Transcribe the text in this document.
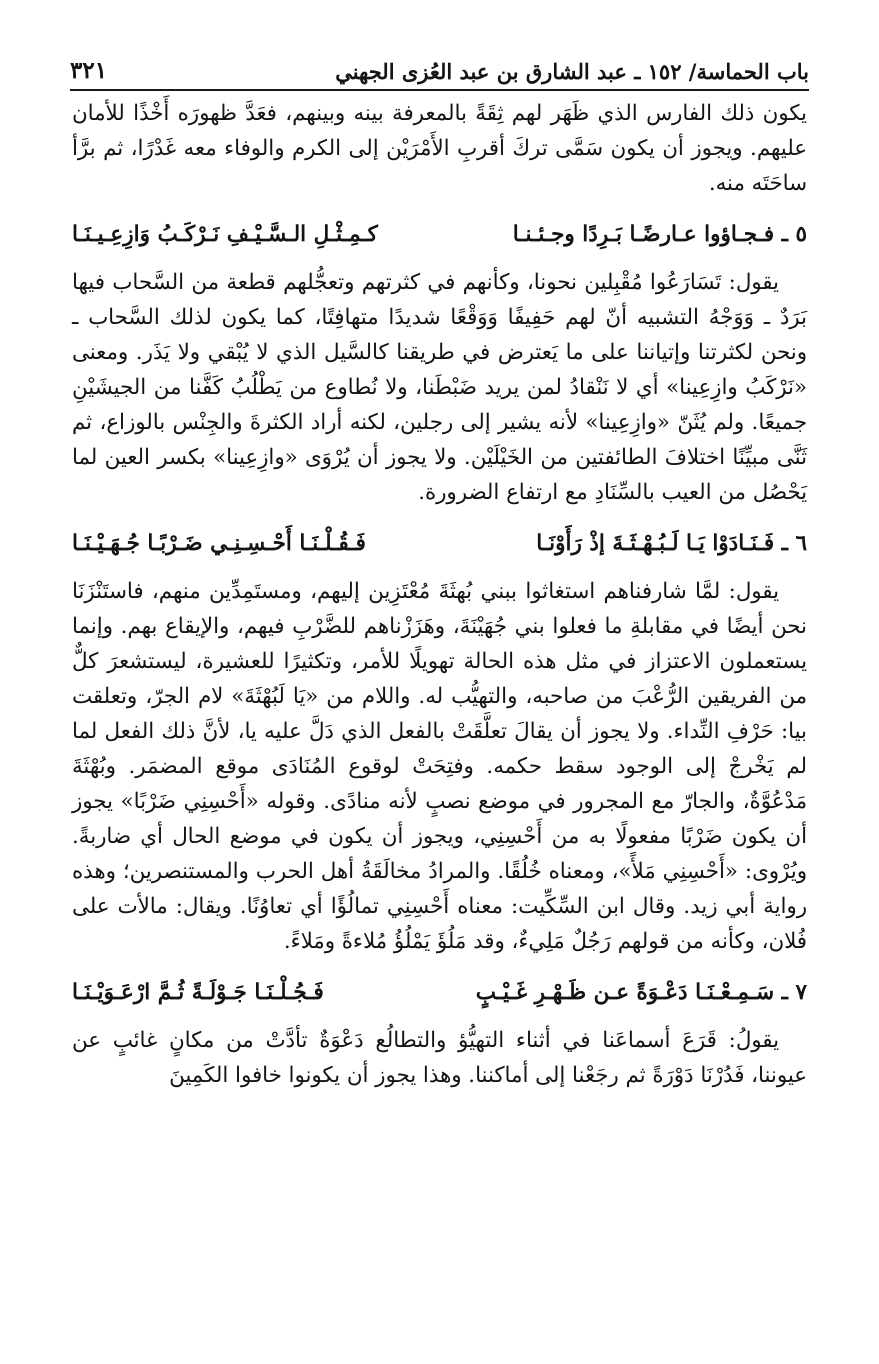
باب الحماسة/ ١٥٢ ـ عبد الشارق بن عبد العُزى الجهني
٣٢١

يكون ذلك الفارس الذي ظَهَر لهم ثِقَةً بالمعرفة بينه وبينهم، فعَدَّ ظهورَه أَخْذًا للأمان عليهم. ويجوز أن يكون سَمَّى تركَ أقربِ الأَمْرَيْن إلى الكرم والوفاء معه غَدْرًا، ثم برَّأ ساحَتَه منه.

٥ ـ فـجـاؤوا عـارضًـا بَـرِدًا وجـئـنـا
كـمِـثْـلِ الـسَّـيْـفِ نَـرْكَـبُ وَازِعِـيـنَـا

يقول: تَسَارَعُوا مُقْبِلين نحونا، وكأنهم في كثرتهم وتعجُّلهم قطعة من السَّحاب فيها بَرَدٌ ـ وَوَجْهُ التشبيه أنّ لهم حَفِيفًا وَوَقْعًا شديدًا متهافِتًا، كما يكون لذلك السَّحاب ـ ونحن لكثرتنا وإتياننا على ما يَعترض في طريقنا كالسَّيل الذي لا يُبْقي ولا يَذَر. ومعنى «نَرْكَبُ وازِعِينا» أي لا نَنْقادُ لمن يريد ضَبْطَنا، ولا نُطاوع من يَطْلُبُ كَفَّنا من الجيشَيْنِ جميعًا. ولم يُثَنّ «وازِعِينا» لأنه يشير إلى رجلين، لكنه أراد الكثرةَ والجِنْس بالوزاع، ثم ثَنَّى مبيِّنًا اختلافَ الطائفتين من الخَيْلَيْن. ولا يجوز أن يُرْوَى «وازِعِينا» بكسر العين لما يَحْصُل من العيب بالسِّنَادِ مع ارتفاع الضرورة.

٦ ـ فَـنَـادَوْا يَـا لَـبُـهْـثَـةَ إذْ رَأَوْنَـا
فَـقُـلْـنَـا أَحْـسِـنِـي ضَـرْبًـا جُـهَـيْـنَـا

يقول: لمَّا شارفناهم استغاثوا ببني بُهثَةَ مُعْتَزِين إليهم، ومستَمِدِّين منهم، فاستَنْزَنَا نحن أيضًا في مقابلةِ ما فعلوا بني جُهَيْنَةَ، وهَزَزْناهم للضَّرْبِ فيهم، والإيقاع بهم. وإنما يستعملون الاعتزاز في مثل هذه الحالة تهويلًا للأمر، وتكثيرًا للعشيرة، ليستشعرَ كلٌّ من الفريقين الرُّعْبَ من صاحبه، والتهيُّب له. واللام من «يَا لَبُهْثَةَ» لام الجرّ، وتعلقت بيا: حَرْفِ النِّداء. ولا يجوز أن يقالَ تعلَّقَتْ بالفعل الذي دَلَّ عليه يا، لأنَّ ذلك الفعل لما لم يَخْرجْ إلى الوجود سقط حكمه. وفتِحَتْ لوقوع المُنَادَى موقع المضمَر. وبُهْثَةَ مَدْعُوَّةٌ، والجارّ مع المجرور في موضع نصبٍ لأنه منادًى. وقوله «أَحْسِنِي ضَرْبًا» يجوز أن يكون ضَرْبًا مفعولًا به من أَحْسِنِي، ويجوز أن يكون في موضع الحال أي ضاربةً. ويُرْوى: «أَحْسِنِي مَلأً»، ومعناه خُلُقًا. والمرادُ مخالَقَةُ أهل الحرب والمستنصرين؛ وهذه رواية أبي زيد. وقال ابن السِّكِّيت: معناه أَحْسِنِي تمالُؤًا أي تعاوُنًا. ويقال: مالأت على فُلان، وكأنه من قولهم رَجُلٌ مَلِيءٌ، وقد مَلُؤَ يَمْلُؤُ مُلاءةً ومَلاءً.

٧ ـ سَـمِـعْـنَـا دَعْـوَةً عـن ظَـهْـرِ غَـيْـبٍ
فَـجُـلْـنَـا جَـوْلَـةً ثُـمَّ ارْعَـوَيْـنَـا

يقولُ: قَرَعَ أسماعَنا في أثناء التهيُّؤ والتطالُع دَعْوَةٌ تأدَّتْ من مكانٍ غائبٍ عن عيوننا، فَدُرْنَا دَوْرَةً ثم رجَعْنا إلى أماكننا. وهذا يجوز أن يكونوا خافوا الكَمِينَ
